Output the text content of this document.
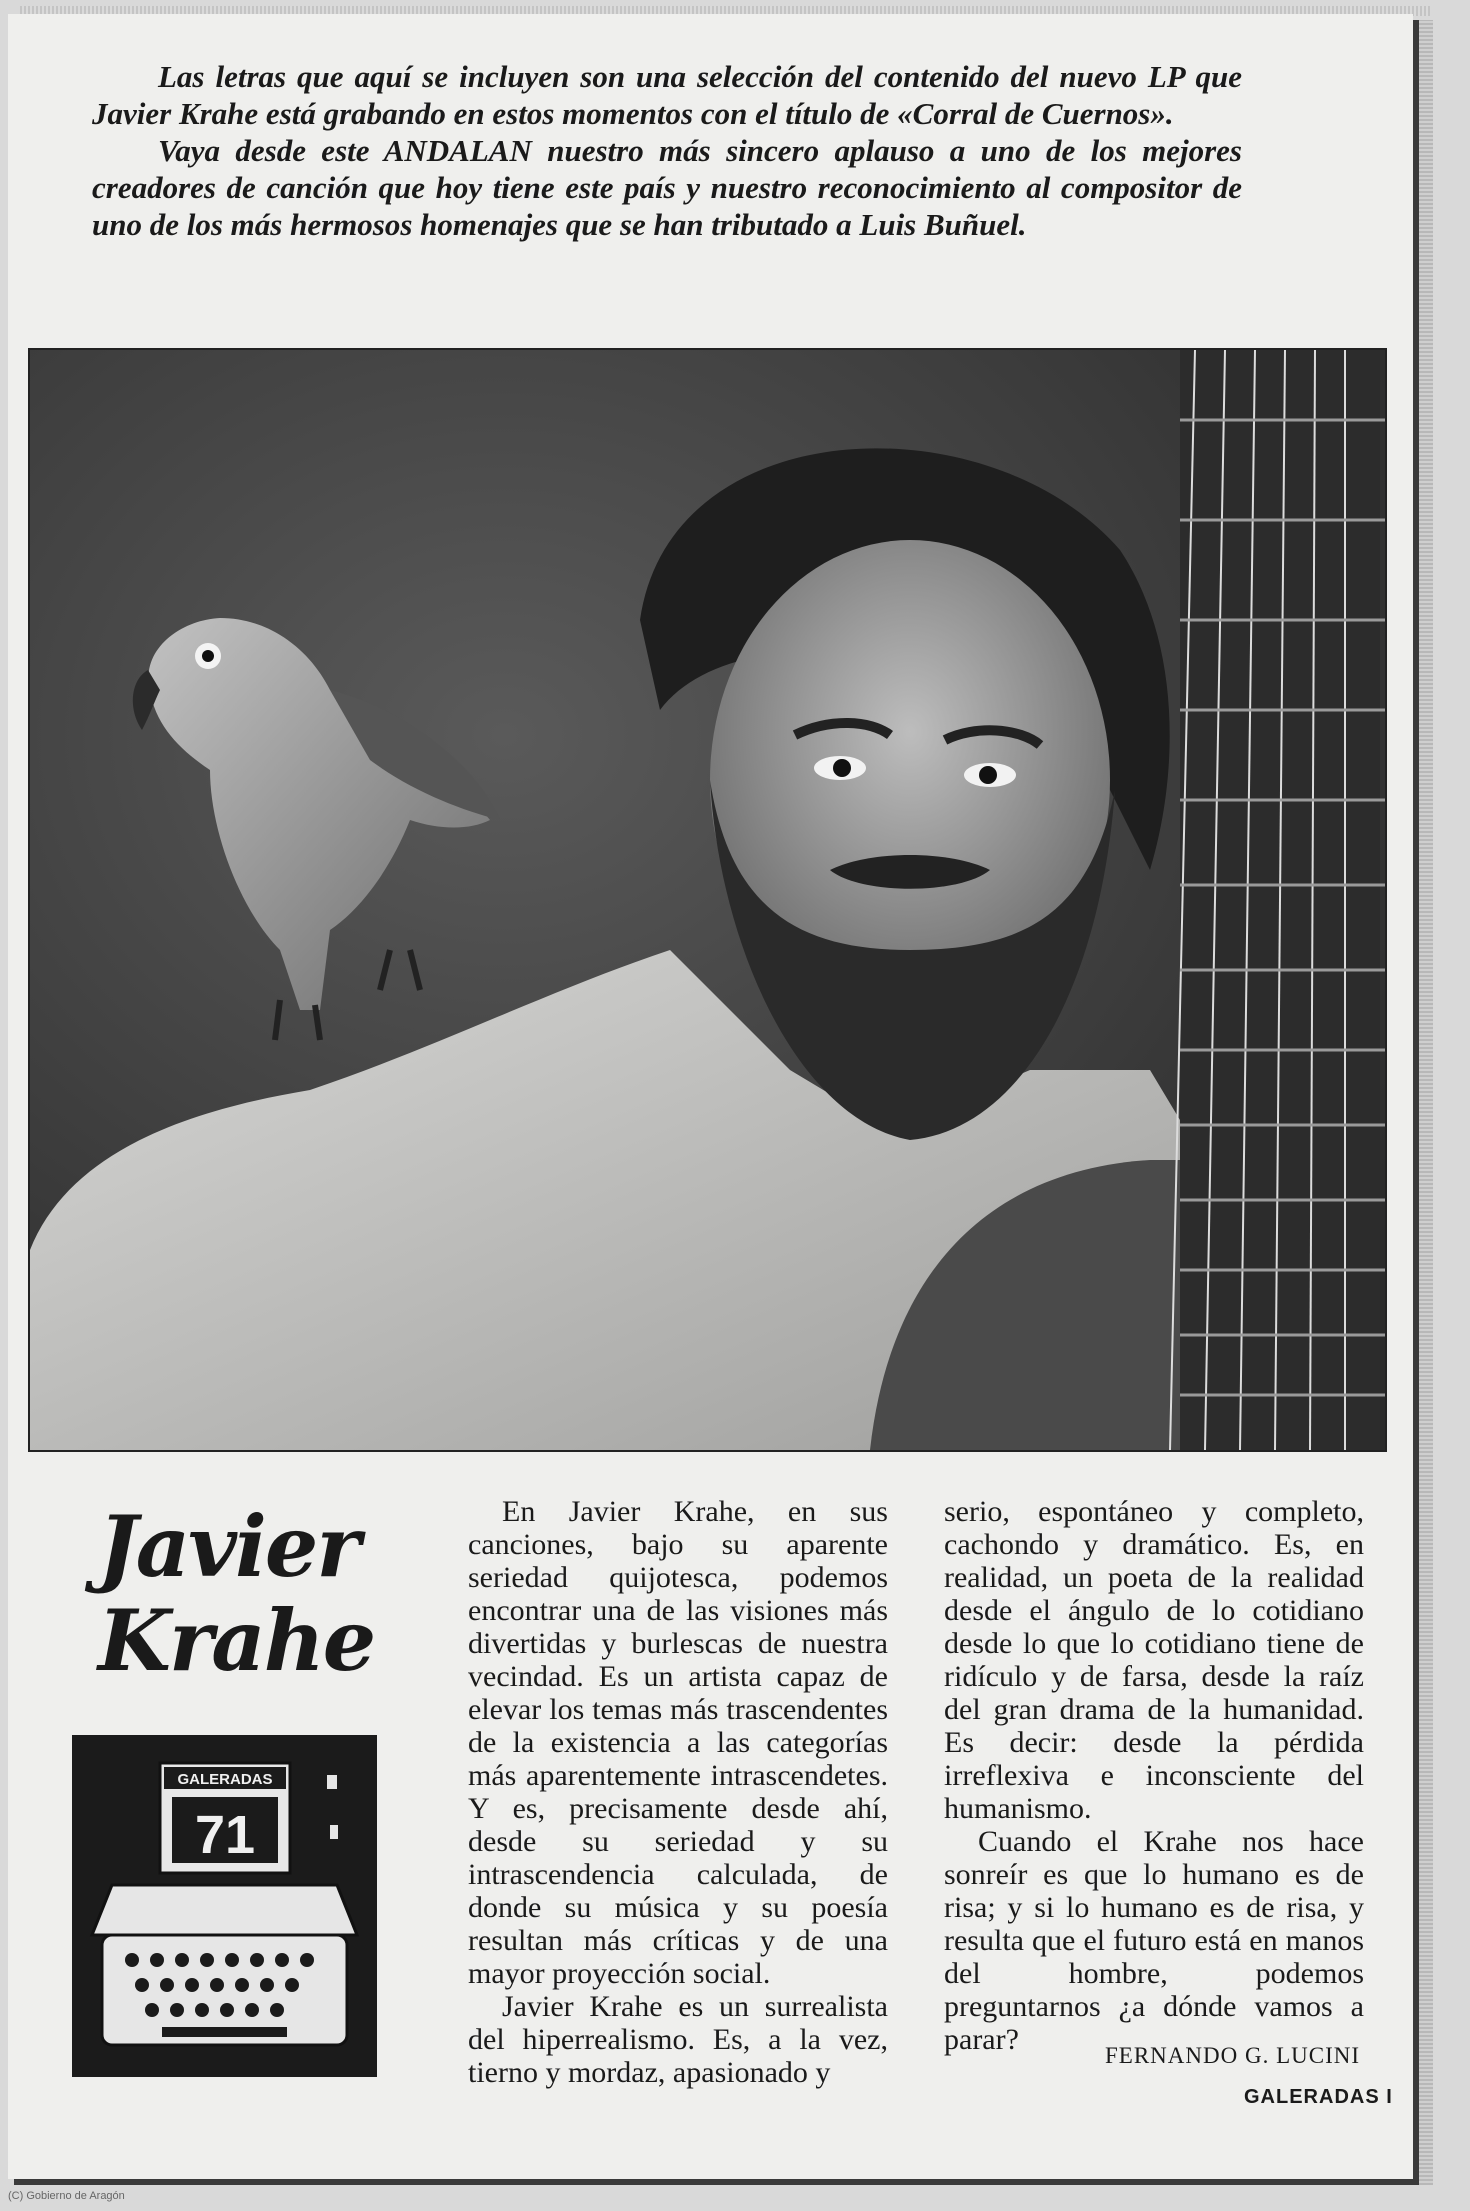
Las letras que aquí se incluyen son una selección del contenido del nuevo LP que Javier Krahe está grabando en estos momentos con el título de «Corral de Cuernos».

Vaya desde este ANDALAN nuestro más sincero aplauso a uno de los mejores creadores de canción que hoy tiene este país y nuestro reconocimiento al compositor de uno de los más hermosos homenajes que se han tributado a Luis Buñuel.

Javier
Krahe
GALERADAS
71

En Javier Krahe, en sus canciones, bajo su aparente seriedad quijotesca, podemos encontrar una de las visiones más divertidas y burlescas de nuestra vecindad. Es un artista capaz de elevar los temas más trascendentes de la existencia a las categorías más aparentemente intrascendetes. Y es, precisamente desde ahí, desde su seriedad y su intrascendencia calculada, de donde su música y su poesía resultan más críticas y de una mayor proyección social.

Javier Krahe es un surrealista del hiperrealismo. Es, a la vez, tierno y mordaz, apasionado y

serio, espontáneo y completo, cachondo y dramático. Es, en realidad, un poeta de la realidad desde el ángulo de lo cotidiano desde lo que lo cotidiano tiene de ridículo y de farsa, desde la raíz del gran drama de la humanidad. Es decir: desde la pérdida irreflexiva e inconsciente del humanismo.

Cuando el Krahe nos hace sonreír es que lo humano es de risa; y si lo humano es de risa, y resulta que el futuro está en manos del hombre, podemos preguntarnos ¿a dónde vamos a parar?	FERNANDO G. LUCINI
GALERADAS I
(C) Gobierno de Aragón
